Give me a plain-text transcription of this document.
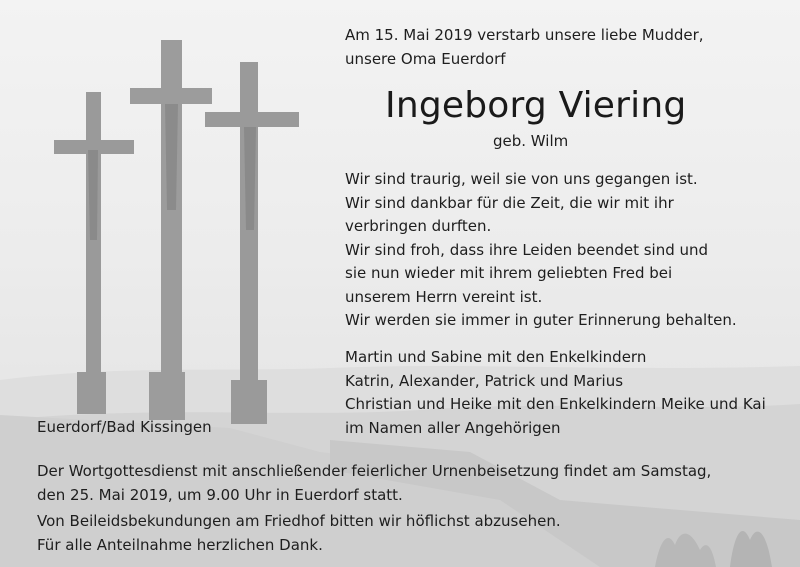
Am 15. Mai 2019 verstarb unsere liebe Mudder,
unsere Oma Euerdorf
Ingeborg Viering
geb. Wilm
Wir sind traurig, weil sie von uns gegangen ist.
Wir sind dankbar für die Zeit, die wir mit ihr
verbringen durften.
Wir sind froh, dass ihre Leiden beendet sind und
sie nun wieder mit ihrem geliebten Fred bei
unserem Herrn vereint ist.
Wir werden sie immer in guter Erinnerung behalten.
Martin und Sabine mit den Enkelkindern
Katrin, Alexander, Patrick und Marius
Christian und Heike mit den Enkelkindern Meike und Kai
im Namen aller Angehörigen
Euerdorf/Bad Kissingen
Der Wortgottesdienst mit anschließender feierlicher Urnenbeisetzung findet am Samstag,
den 25. Mai 2019, um 9.00 Uhr in Euerdorf statt.
Von Beileidsbekundungen am Friedhof bitten wir höflichst abzusehen.
Für alle Anteilnahme herzlichen Dank.
